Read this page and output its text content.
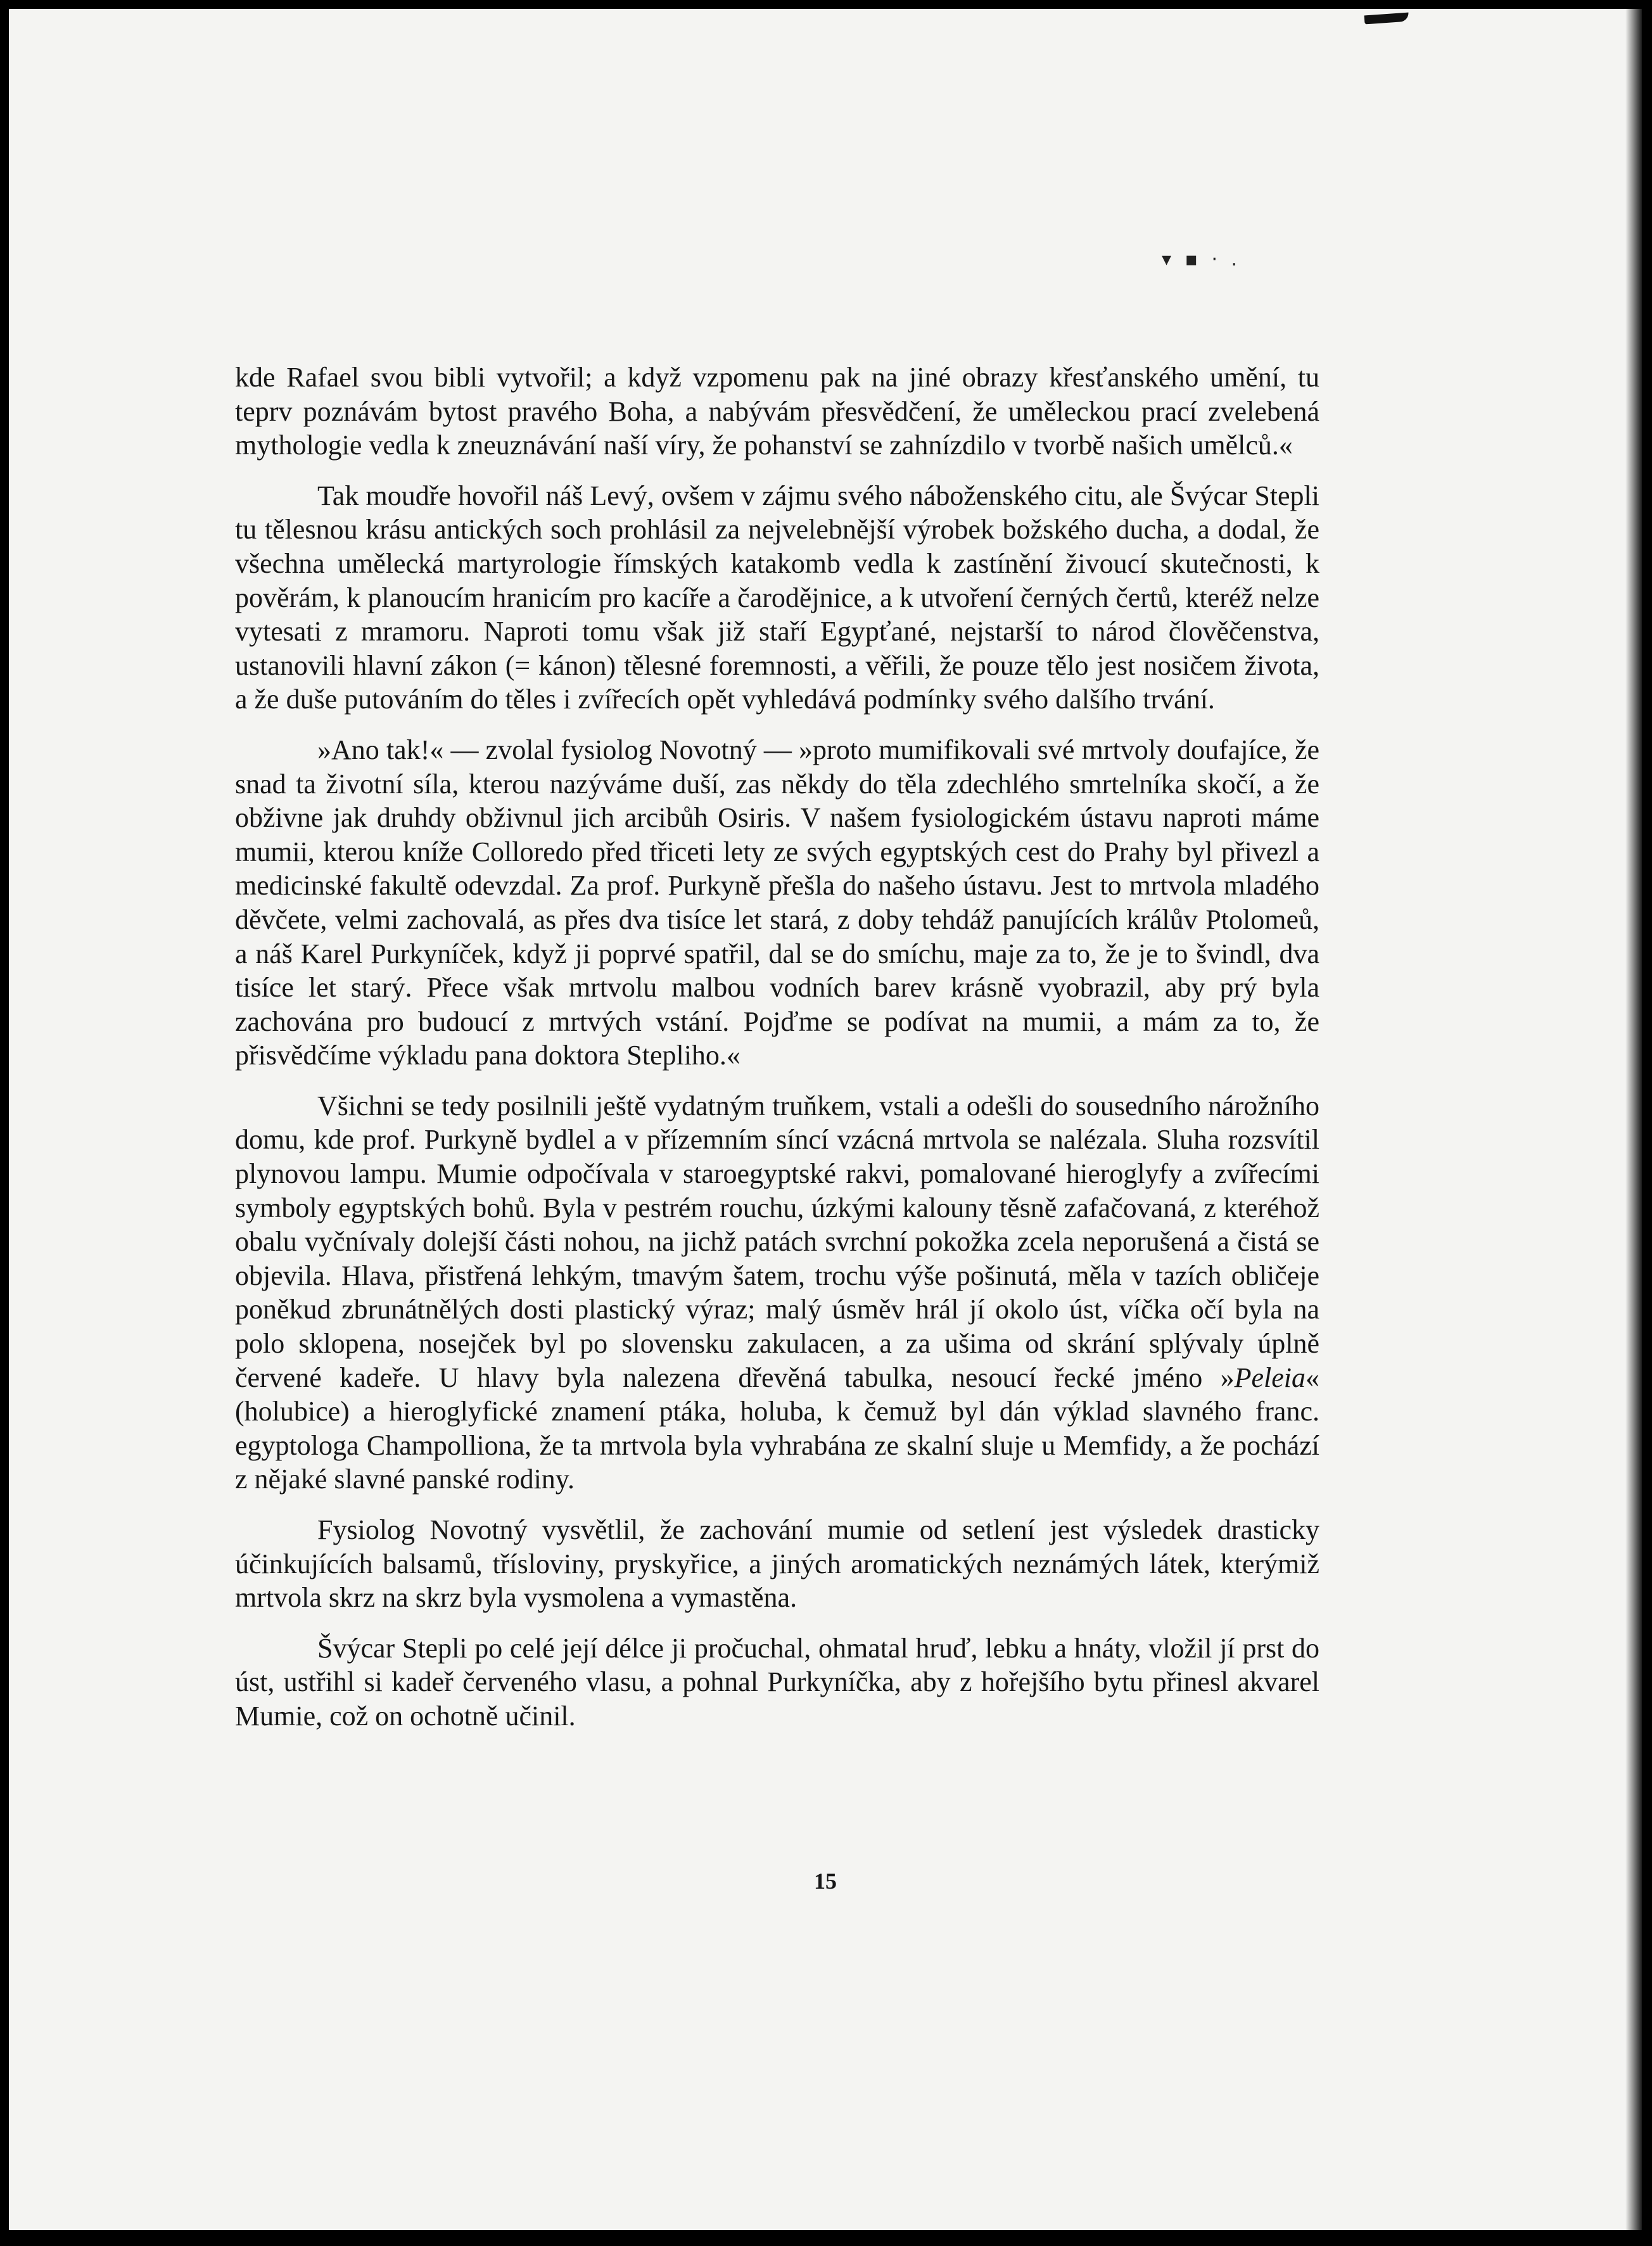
▾ ▪ · .

kde Rafael svou bibli vytvořil; a když vzpomenu pak na jiné obrazy křesťanského umění, tu teprv poznávám bytost pravého Boha, a nabývám přesvědčení, že uměleckou prací zvelebená mythologie vedla k zneuznávání naší víry, že pohanství se zahnízdilo v tvorbě našich umělců.«

Tak moudře hovořil náš Levý, ovšem v zájmu svého náboženského citu, ale Švýcar Stepli tu tělesnou krásu antických soch prohlásil za nejvelebnější výrobek božského ducha, a dodal, že všechna umělecká martyrologie římských katakomb vedla k zastínění živoucí skutečnosti, k pověrám, k planoucím hranicím pro kacíře a čarodějnice, a k utvoření černých čertů, kteréž nelze vytesati z mramoru. Naproti tomu však již staří Egypťané, nejstarší to národ člověčenstva, ustanovili hlavní zákon (= kánon) tělesné foremnosti, a věřili, že pouze tělo jest nosičem života, a že duše putováním do těles i zvířecích opět vyhledává podmínky svého dalšího trvání.

»Ano tak!« — zvolal fysiolog Novotný — »proto mumifikovali své mrtvoly doufajíce, že snad ta životní síla, kterou nazýváme duší, zas někdy do těla zdechlého smrtelníka skočí, a že obživne jak druhdy obživnul jich arcibůh Osiris. V našem fysiologickém ústavu naproti máme mumii, kterou kníže Colloredo před třiceti lety ze svých egyptských cest do Prahy byl přivezl a medicinské fakultě odevzdal. Za prof. Purkyně přešla do našeho ústavu. Jest to mrtvola mladého děvčete, velmi zachovalá, as přes dva tisíce let stará, z doby tehdáž panujících králův Ptolomeů, a náš Karel Purkyníček, když ji poprvé spatřil, dal se do smíchu, maje za to, že je to švindl, dva tisíce let starý. Přece však mrtvolu malbou vodních barev krásně vyobrazil, aby prý byla zachována pro budoucí z mrtvých vstání. Pojďme se podívat na mumii, a mám za to, že přisvědčíme výkladu pana doktora Stepliho.«

Všichni se tedy posilnili ještě vydatným truňkem, vstali a odešli do sousedního nárožního domu, kde prof. Purkyně bydlel a v přízemním síncí vzácná mrtvola se nalézala. Sluha rozsvítil plynovou lampu. Mumie odpočívala v staroegyptské rakvi, pomalované hieroglyfy a zvířecími symboly egyptských bohů. Byla v pestrém rouchu, úzkými kalouny těsně zafačovaná, z kteréhož obalu vyčnívaly dolejší části nohou, na jichž patách svrchní pokožka zcela neporušená a čistá se objevila. Hlava, přistřená lehkým, tmavým šatem, trochu výše pošinutá, měla v tazích obličeje poněkud zbrunátnělých dosti plastický výraz; malý úsměv hrál jí okolo úst, víčka očí byla na polo sklopena, nosejček byl po slovensku zakulacen, a za ušima od skrání splývaly úplně červené kadeře. U hlavy byla nalezena dřevěná tabulka, nesoucí řecké jméno »Peleia« (holubice) a hieroglyfické znamení ptáka, holuba, k čemuž byl dán výklad slavného franc. egyptologa Champolliona, že ta mrtvola byla vyhrabána ze skalní sluje u Memfidy, a že pochází z nějaké slavné panské rodiny.

Fysiolog Novotný vysvětlil, že zachování mumie od setlení jest výsledek drasticky účinkujících balsamů, třísloviny, pryskyřice, a jiných aromatických neznámých látek, kterýmiž mrtvola skrz na skrz byla vysmolena a vymastěna.

Švýcar Stepli po celé její délce ji pročuchal, ohmatal hruď, lebku a hnáty, vložil jí prst do úst, ustřihl si kadeř červeného vlasu, a pohnal Purkyníčka, aby z hořejšího bytu přinesl akvarel Mumie, což on ochotně učinil.

15
